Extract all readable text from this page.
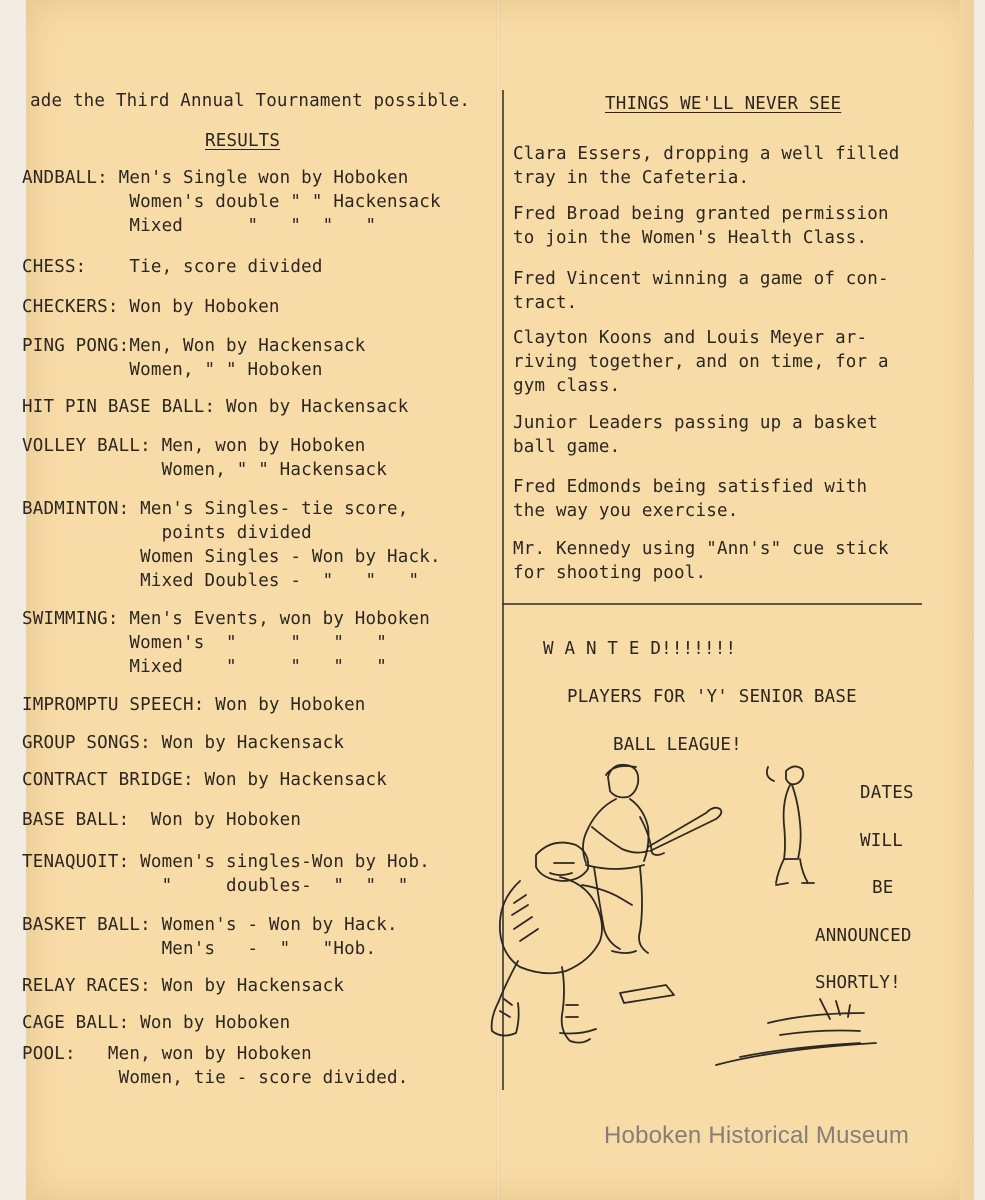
ade the Third Annual Tournament possible.
RESULTS
ANDBALL: Men's Single won by Hoboken
Women's double " " Hackensack
Mixed      "   "  "   "
CHESS:    Tie, score divided
CHECKERS: Won by Hoboken
PING PONG:Men, Won by Hackensack
Women, " " Hoboken
HIT PIN BASE BALL: Won by Hackensack
VOLLEY BALL: Men, won by Hoboken
Women, " " Hackensack
BADMINTON: Men's Singles- tie score,
points divided
Women Singles - Won by Hack.
Mixed Doubles -  "   "   "
SWIMMING: Men's Events, won by Hoboken
Women's  "     "   "   "
Mixed    "     "   "   "
IMPROMPTU SPEECH: Won by Hoboken
GROUP SONGS: Won by Hackensack
CONTRACT BRIDGE: Won by Hackensack
BASE BALL:  Won by Hoboken
TENAQUOIT: Women's singles-Won by Hob.
"     doubles-  "  "  "
BASKET BALL: Women's - Won by Hack.
Men's   -  "   "Hob.
RELAY RACES: Won by Hackensack
CAGE BALL: Won by Hoboken
POOL:   Men, won by Hoboken
Women, tie - score divided.
THINGS WE'LL NEVER SEE
Clara Essers, dropping a well filled
tray in the Cafeteria.
Fred Broad being granted permission
to join the Women's Health Class.
Fred Vincent winning a game of con-
tract.
Clayton Koons and Louis Meyer ar-
riving together, and on time, for a
gym class.
Junior Leaders passing up a basket
ball game.
Fred Edmonds being satisfied with
the way you exercise.
Mr. Kennedy using "Ann's" cue stick
for shooting pool.
W A N T E D!!!!!!!
PLAYERS FOR 'Y' SENIOR BASE
BALL LEAGUE!
DATES
WILL
BE
ANNOUNCED
SHORTLY!
Hoboken Historical Museum
